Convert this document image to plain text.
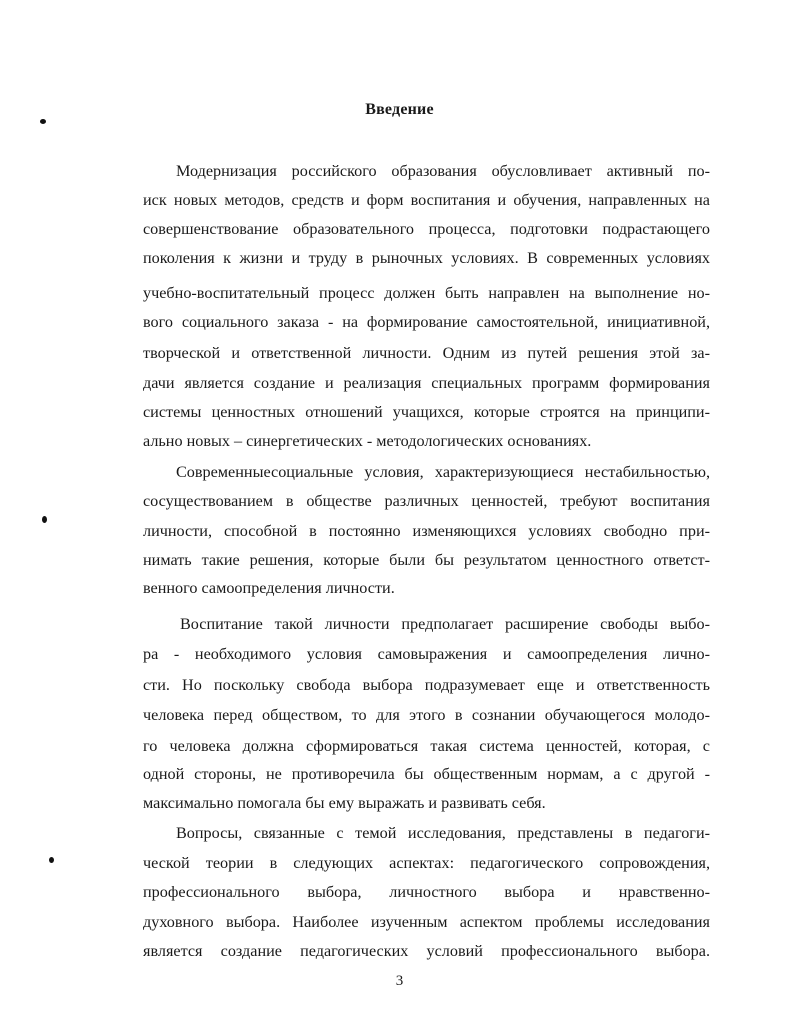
Введение
Модернизация российского образования обусловливает активный по-
иск новых методов, средств и форм воспитания и обучения, направленных на
совершенствование образовательного процесса, подготовки подрастающего
поколения к жизни и труду в рыночных условиях. В современных условиях
учебно-воспитательный процесс должен быть направлен на выполнение но-
вого социального заказа - на формирование самостоятельной, инициативной,
творческой и ответственной личности. Одним из путей решения этой за-
дачи является создание и реализация специальных программ формирования
системы ценностных отношений учащихся, которые строятся на принципи-
ально новых – синергетических - методологических основаниях.
Современныесоциальные условия, характеризующиеся нестабильностью,
сосуществованием в обществе различных ценностей, требуют воспитания
личности, способной в постоянно изменяющихся условиях свободно при-
нимать такие решения, которые были бы результатом ценностного ответст-
венного самоопределения личности.
Воспитание такой личности предполагает расширение свободы выбо-
ра - необходимого условия самовыражения и самоопределения лично-
сти. Но поскольку свобода выбора подразумевает еще и ответственность
человека перед обществом, то для этого в сознании обучающегося молодо-
го человека должна сформироваться такая система ценностей, которая, с
одной стороны, не противоречила бы общественным нормам, а с другой -
максимально помогала бы ему выражать и развивать себя.
Вопросы, связанные с темой исследования, представлены в педагоги-
ческой теории в следующих аспектах: педагогического сопровождения,
профессионального выбора, личностного выбора и нравственно-
духовного выбора. Наиболее изученным аспектом проблемы исследования
является создание педагогических условий профессионального выбора.
3
